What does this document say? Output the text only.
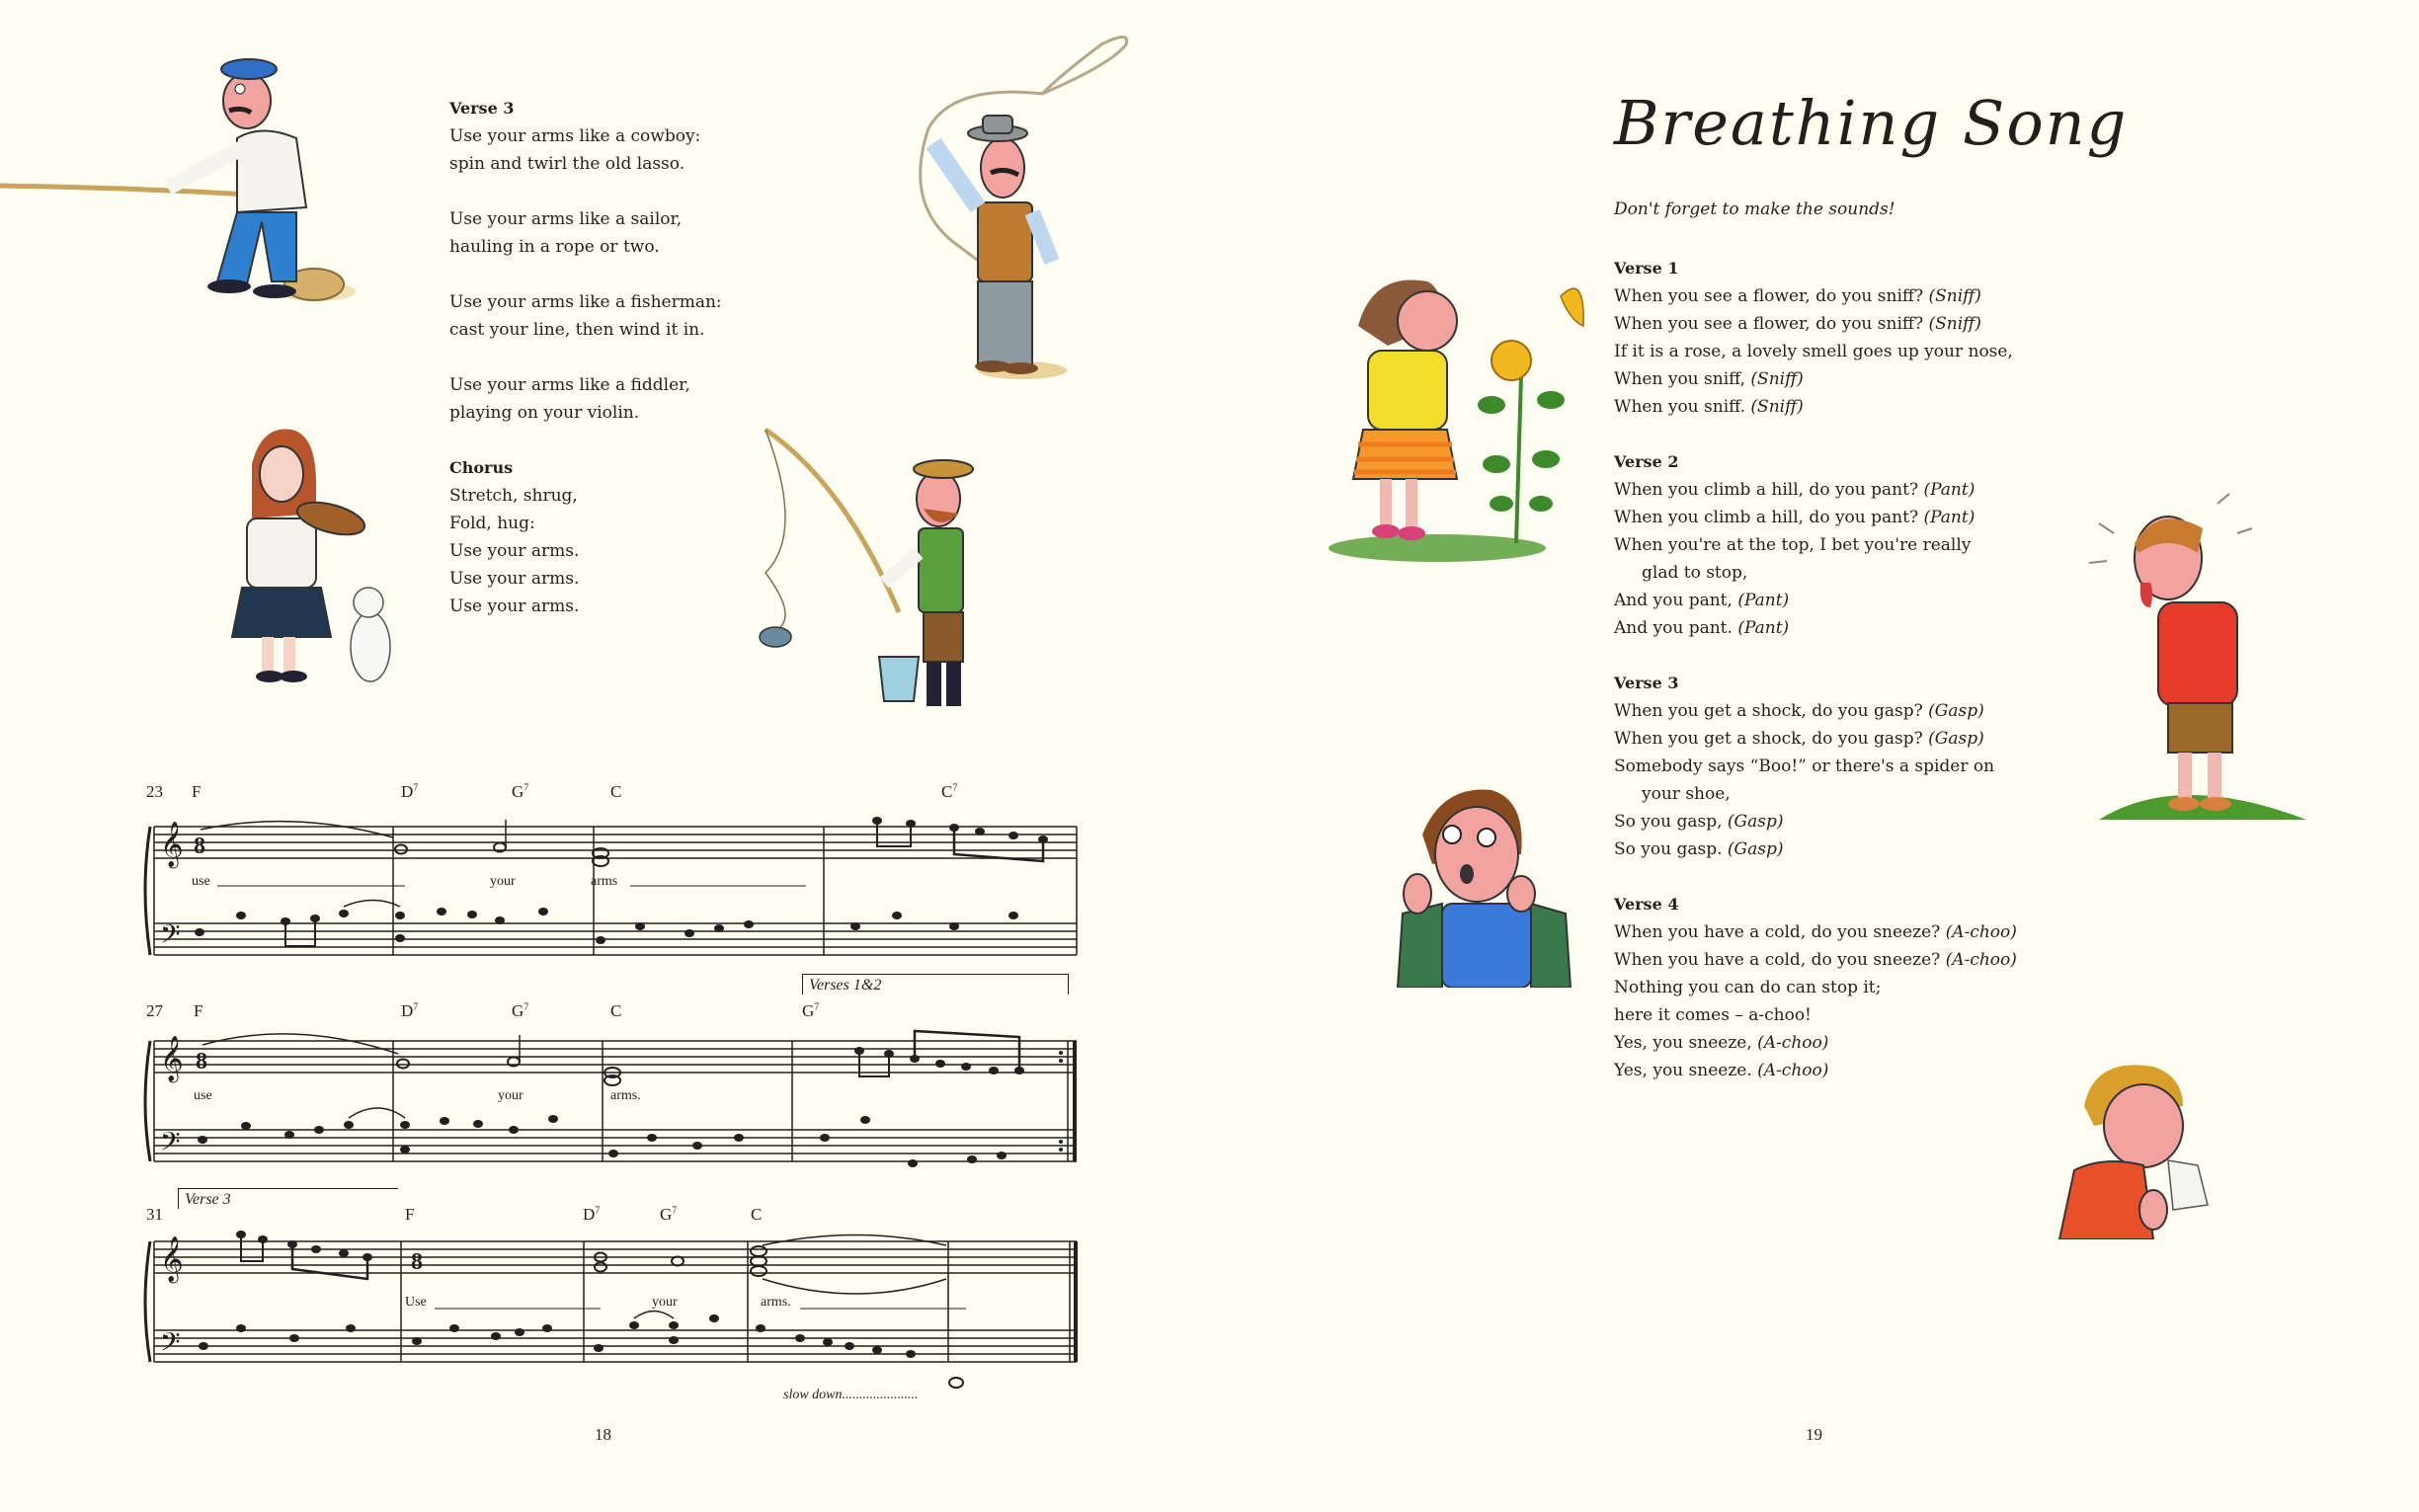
Verse 3
Use your arms like a cowboy:
spin and twirl the old lasso.
Use your arms like a sailor,
hauling in a rope or two.
Use your arms like a fisherman:
cast your line, then wind it in.
Use your arms like a fiddler,
playing on your violin.
Chorus
Stretch, shrug,
Fold, hug:
Use your arms.
Use your arms.
Use your arms.
𝄞
𝄢
8
23 F	$D^7$	$G^7$	C	$C^7$
use	your	arms
Verses 1&2
𝄞
𝄢
8
27 F	$D^7$	$G^7$	C	$G^7$
use	your	arms.
Verse 3
𝄞
𝄢
8
31	F	$D^7$	$G^7$	C
Use	your	arms.
slow down......................
18
Breathing Song
Don't forget to make the sounds!
Verse 1
When you see a flower, do you sniff? (Sniff)
When you see a flower, do you sniff? (Sniff)
If it is a rose, a lovely smell goes up your nose,
When you sniff, (Sniff)
When you sniff. (Sniff)
Verse 2
When you climb a hill, do you pant? (Pant)
When you climb a hill, do you pant? (Pant)
When you're at the top, I bet you're really
glad to stop,
And you pant, (Pant)
And you pant. (Pant)
Verse 3
When you get a shock, do you gasp? (Gasp)
When you get a shock, do you gasp? (Gasp)
Somebody says “Boo!” or there's a spider on
your shoe,
So you gasp, (Gasp)
So you gasp. (Gasp)
Verse 4
When you have a cold, do you sneeze? (A-choo)
When you have a cold, do you sneeze? (A-choo)
Nothing you can do can stop it;
here it comes – a-choo!
Yes, you sneeze, (A-choo)
Yes, you sneeze. (A-choo)
19
